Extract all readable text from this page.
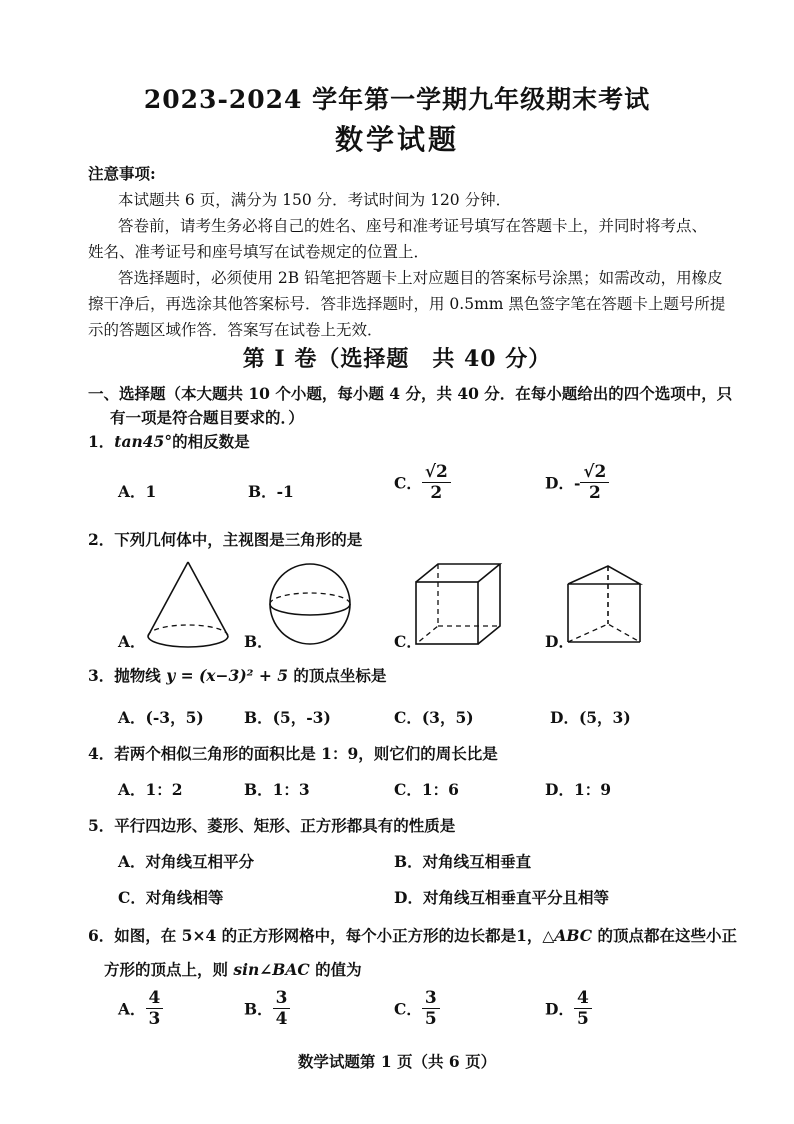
2023-2024 学年第一学期九年级期末考试
数学试题
注意事项:
本试题共 6 页，满分为 150 分．考试时间为 120 分钟．
答卷前，请考生务必将自己的姓名、座号和准考证号填写在答题卡上，并同时将考点、
姓名、准考证号和座号填写在试卷规定的位置上．
答选择题时，必须使用 2B 铅笔把答题卡上对应题目的答案标号涂黑；如需改动，用橡皮
擦干净后，再选涂其他答案标号．答非选择题时，用 0.5mm 黑色签字笔在答题卡上题号所提
示的答题区域作答．答案写在试卷上无效．
第 I 卷（选择题　共 40 分）
一、选择题（本大题共 10 个小题，每小题 4 分，共 40 分．在每小题给出的四个选项中，只
有一项是符合题目要求的．）
1．tan45°的相反数是
A．1	B．-1	C． $\frac{√2}{2}$	D．- $\frac{√2}{2}$
2．下列几何体中，主视图是三角形的是
A．	B．	C．	D．
3．抛物线 y = (x−3)² + 5 的顶点坐标是
A．(-3，5)	B．(5，-3)	C．(3，5)	D．(5，3)
4．若两个相似三角形的面积比是 1：9，则它们的周长比是
A．1：2	B．1：3	C．1：6	D．1：9
5．平行四边形、菱形、矩形、正方形都具有的性质是
A．对角线互相平分	B．对角线互相垂直
C．对角线相等	D．对角线互相垂直平分且相等
6．如图，在 5×4 的正方形网格中，每个小正方形的边长都是1，△ABC 的顶点都在这些小正
方形的顶点上，则 sin∠BAC 的值为
A． $\frac{4}{3}$	B． $\frac{3}{4}$	C． $\frac{3}{5}$	D． $\frac{4}{5}$
数学试题第 1 页（共 6 页）
